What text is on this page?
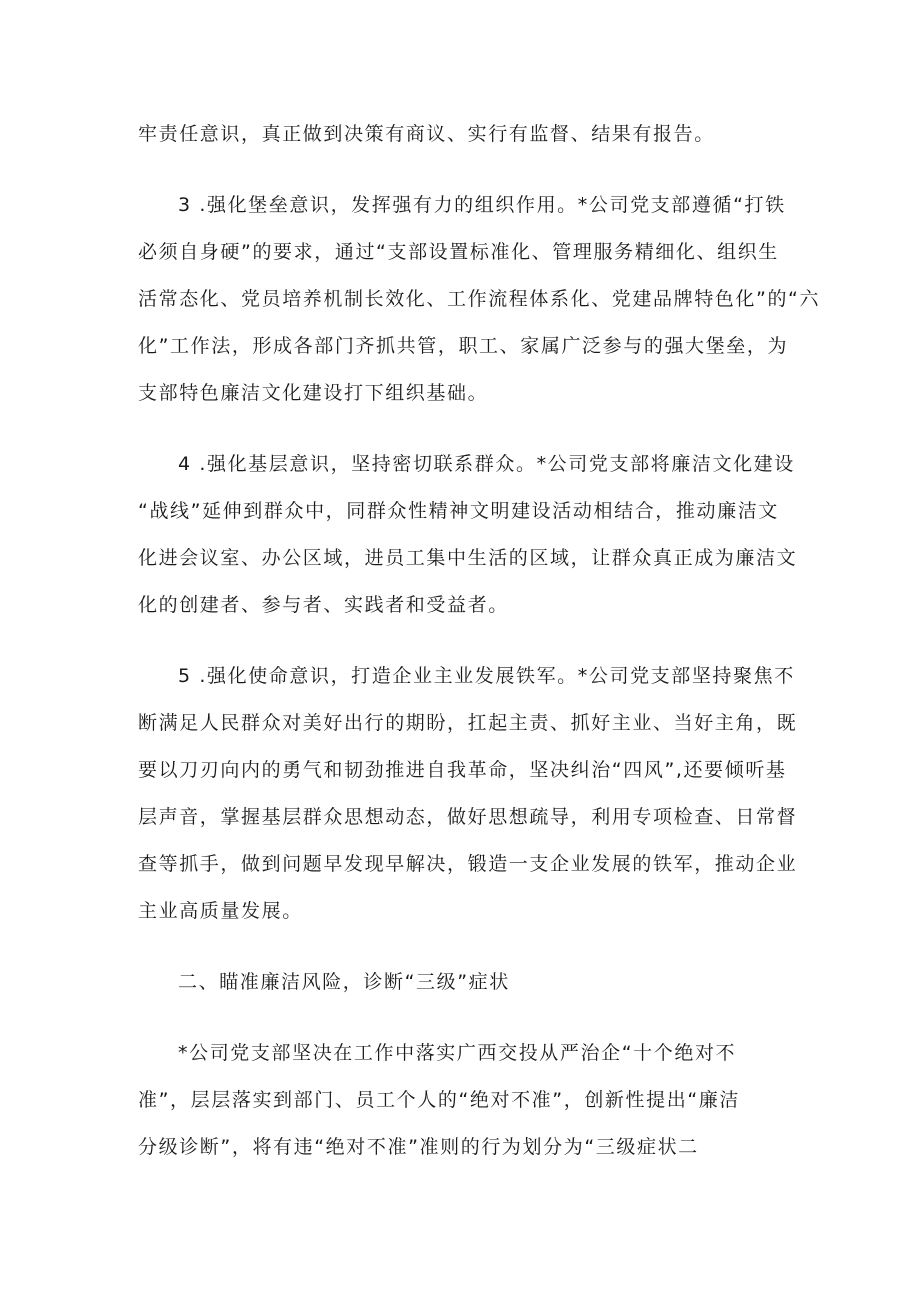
牢责任意识，真正做到决策有商议、实行有监督、结果有报告。
3 .强化堡垒意识，发挥强有力的组织作用。*公司党支部遵循“打铁
必须自身硬”的要求，通过“支部设置标准化、管理服务精细化、组织生
活常态化、党员培养机制长效化、工作流程体系化、党建品牌特色化”的“六
化”工作法，形成各部门齐抓共管，职工、家属广泛参与的强大堡垒，为
支部特色廉洁文化建设打下组织基础。
4 .强化基层意识，坚持密切联系群众。*公司党支部将廉洁文化建设
“战线”延伸到群众中，同群众性精神文明建设活动相结合，推动廉洁文
化进会议室、办公区域，进员工集中生活的区域，让群众真正成为廉洁文
化的创建者、参与者、实践者和受益者。
5 .强化使命意识，打造企业主业发展铁军。*公司党支部坚持聚焦不
断满足人民群众对美好出行的期盼，扛起主责、抓好主业、当好主角，既
要以刀刃向内的勇气和韧劲推进自我革命，坚决纠治“四风”,还要倾听基
层声音，掌握基层群众思想动态，做好思想疏导，利用专项检查、日常督
查等抓手，做到问题早发现早解决，锻造一支企业发展的铁军，推动企业
主业高质量发展。
二、瞄准廉洁风险，诊断“三级”症状
*公司党支部坚决在工作中落实广西交投从严治企“十个绝对不
准”，层层落实到部门、员工个人的“绝对不准”，创新性提出“廉洁
分级诊断”，将有违“绝对不准”准则的行为划分为“三级症状二
